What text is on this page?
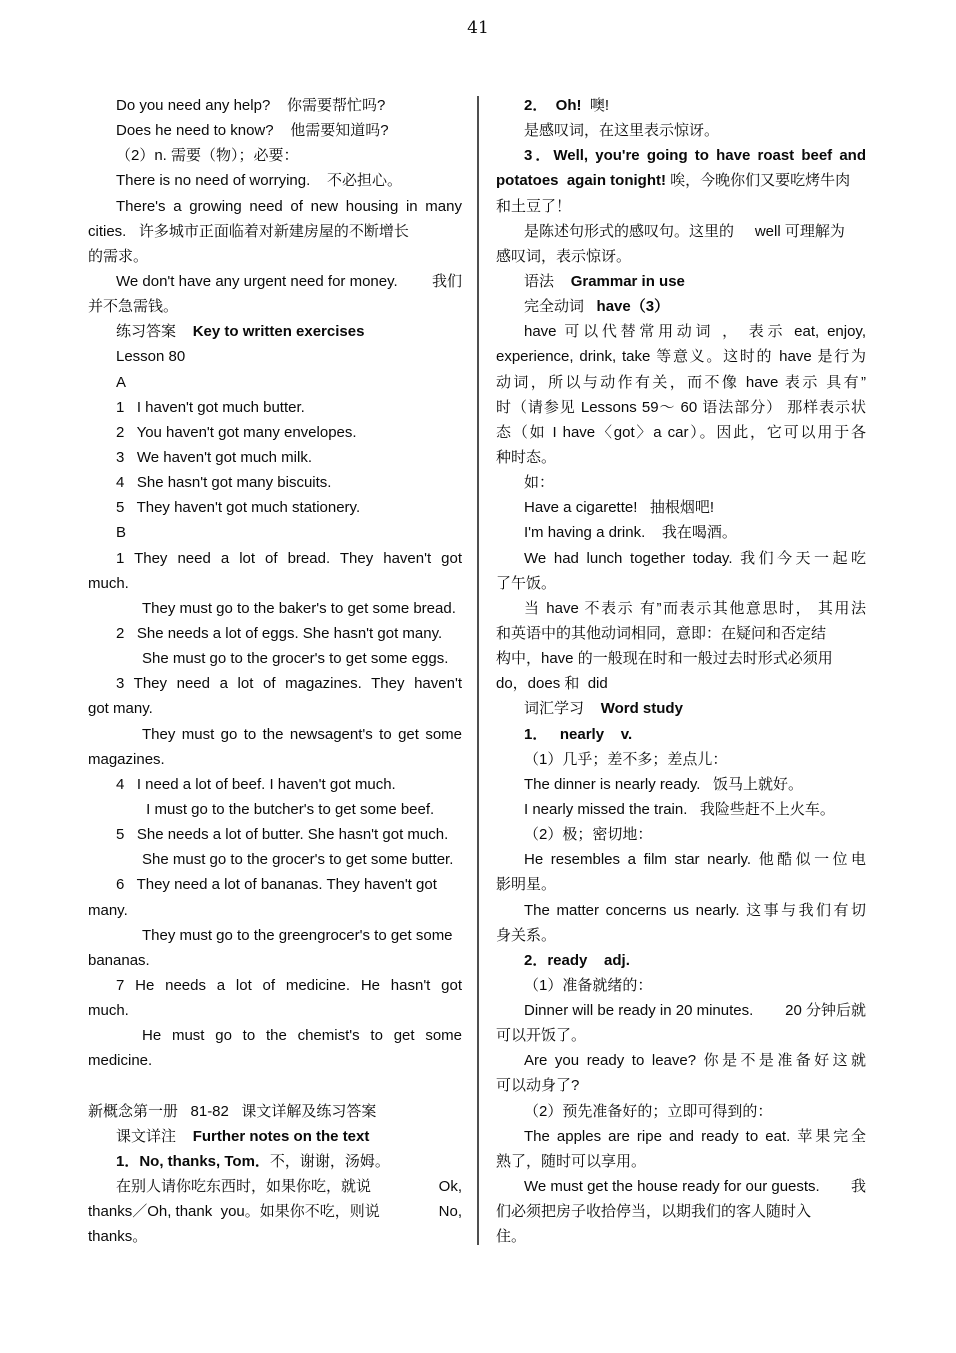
41
Do you need any help?    你需要帮忙吗?
Does he need to know?    他需要知道吗?
（2）n. 需要（物）；必要：
There is no need of worrying.    不必担心。
There's a growing need of new housing in many
cities.   许多城市正面临着对新建房屋的不断增长
的需求。
We don't have any urgent need for money. 我们
并不急需钱。
练习答案 Key to written exercises
Lesson 80
A
1   I haven't got much butter.
2   You haven't got many envelopes.
3   We haven't got much milk.
4   She hasn't got many biscuits.
5   They haven't got much stationery.
B
1 They need a lot of bread. They haven't got
much.
They must go to the baker's to get some bread.
2   She needs a lot of eggs. She hasn't got many.
She must go to the grocer's to get some eggs.
3 They need a lot of magazines. They haven't
got many.
They must go to the newsagent's to get some
magazines.
4   I need a lot of beef. I haven't got much.
I must go to the butcher's to get some beef.
5   She needs a lot of butter. She hasn't got much.
She must go to the grocer's to get some butter.
6   They need a lot of bananas. They haven't got
many.
They must go to the greengrocer's to get some
bananas.
7 He needs a lot of medicine. He hasn't got
much.
He must go to the chemist's to get some
medicine.
新概念第一册   81-82   课文详解及练习答案
课文详注 Further notes on the text
1．No, thanks, Tom．不，谢谢，汤姆。
在别人请你吃东西时，如果你吃，就说	Ok,
thanks／Oh, thank  you。如果你不吃，则说	No,
thanks。
2．  Oh!  噢!
是感叹词，在这里表示惊讶。
3．Well, you're going to have roast beef and
potatoes  again tonight! 唉，今晚你们又要吃烤牛肉
和土豆了！
是陈述句形式的感叹句。这里的     well 可理解为
感叹词，表示惊讶。
语法 Grammar in use
完全动词 have（3）
have 可以代替常用动词 ， 表示 eat, enjoy,
experience, drink, take 等意义。这时的 have 是行为
动词，所以与动作有关，而不像 have 表示 具有”
时（请参见 Lessons 59～ 60 语法部分） 那样表示状
态（如 I have〈got〉a car）。因此，它可以用于各
种时态。
如：
Have a cigarette!   抽根烟吧!
I'm having a drink.    我在喝酒。
We had lunch together today. 我们今天一起吃
了午饭。
当 have 不表示 有”而表示其他意思时， 其用法
和英语中的其他动词相同，意即：在疑问和否定结
构中，have 的一般现在时和一般过去时形式必须用
do，does 和  did
词汇学习 Word study
1．   nearly    v.
（1）几乎；差不多；差点儿：
The dinner is nearly ready.   饭马上就好。
I nearly missed the train.   我险些赶不上火车。
（2）极；密切地：
He resembles a film star nearly. 他酷似一位电
影明星。
The matter concerns us nearly. 这事与我们有切
身关系。
2．ready    adj.
（1）准备就绪的：
Dinner will be ready in 20 minutes. 20 分钟后就
可以开饭了。
Are you ready to leave? 你是不是准备好这就
可以动身了?
（2）预先准备好的；立即可得到的：
The apples are ripe and ready to eat. 苹果完全
熟了，随时可以享用。
We must get the house ready for our guests. 我
们必须把房子收拾停当，以期我们的客人随时入
住。
